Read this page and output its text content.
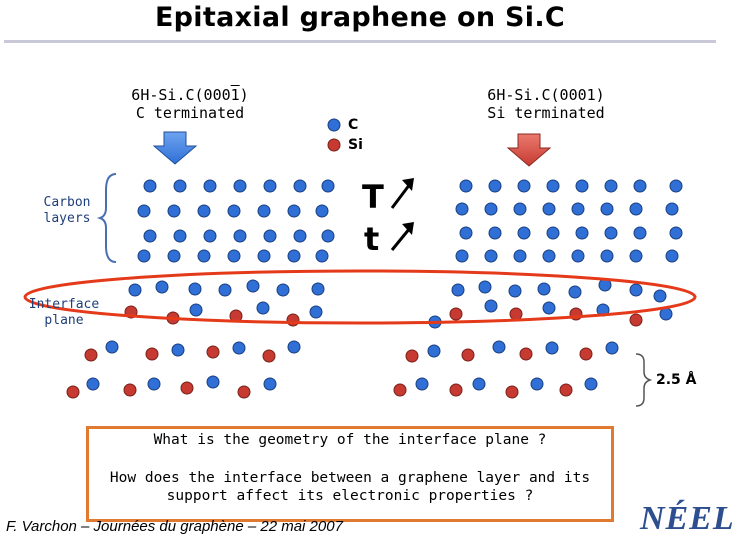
Epitaxial graphene on Si.C
6H-Si.C(0001)
C terminated
6H-Si.C(0001)
Si terminated
C
Si
T
t
Carbon layers
Interface plane
2.5 Å
What is the geometry of the interface plane ?
How does the interface between a graphene layer and its support affect its electronic properties ?
F. Varchon – Journées du graphène – 22 mai 2007	NÉEL
